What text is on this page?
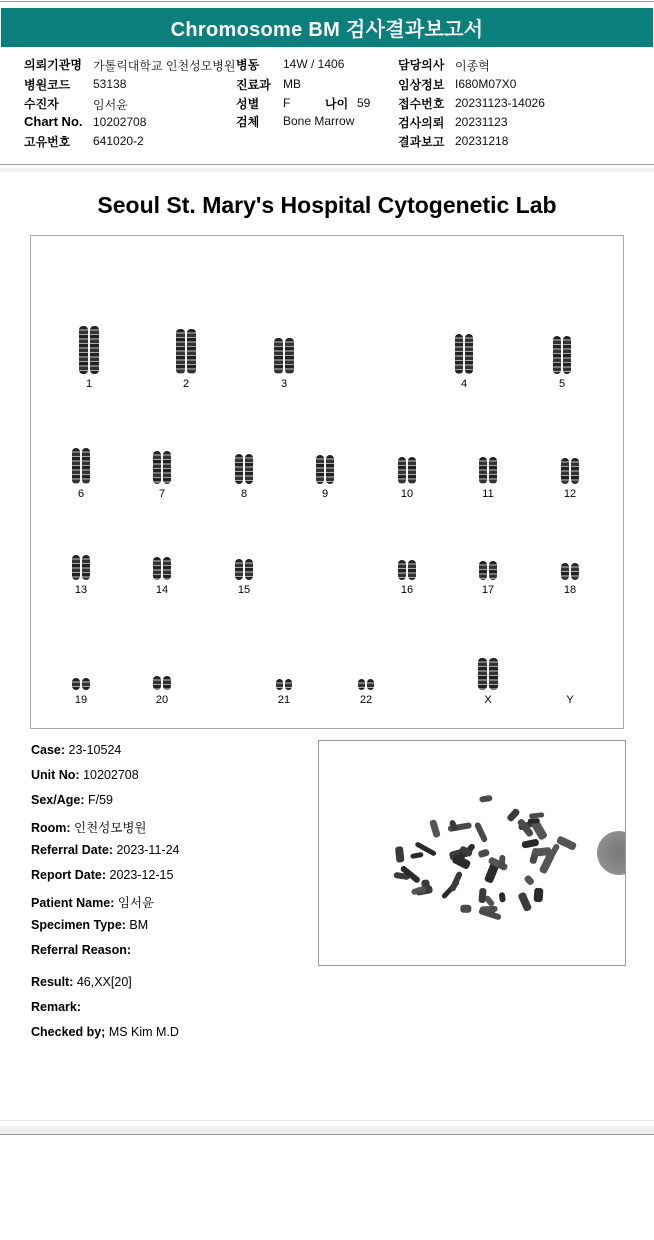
Chromosome BM 검사결과보고서
의뢰기관명 가톨릭대학교 인천성모병원 병동 14W / 1406	담당의사 이종혁
병원코드 53138	진료과 MB	임상정보 I680M07X0
수진자	임서윤	성별 F	나이 59 접수번호 20231123-14026
Chart No. 10202708	검체 Bone Marrow	검사의뢰 20231123
고유번호 641020-2	결과보고 20231218
Seoul St. Mary's Hospital Cytogenetic Lab
1	2	3	4	5
6	7	8	9	10	11	12
13	14	15	16	17	18
19	20	21	22	X	Y
Case: 23-10524
Unit No: 10202708
Sex/Age: F/59
Room: 인천성모병원
Referral Date: 2023-11-24
Report Date: 2023-12-15
Patient Name: 임서윤
Specimen Type: BM
Referral Reason:
Result: 46,XX[20]
Remark:
Checked by; MS Kim M.D
